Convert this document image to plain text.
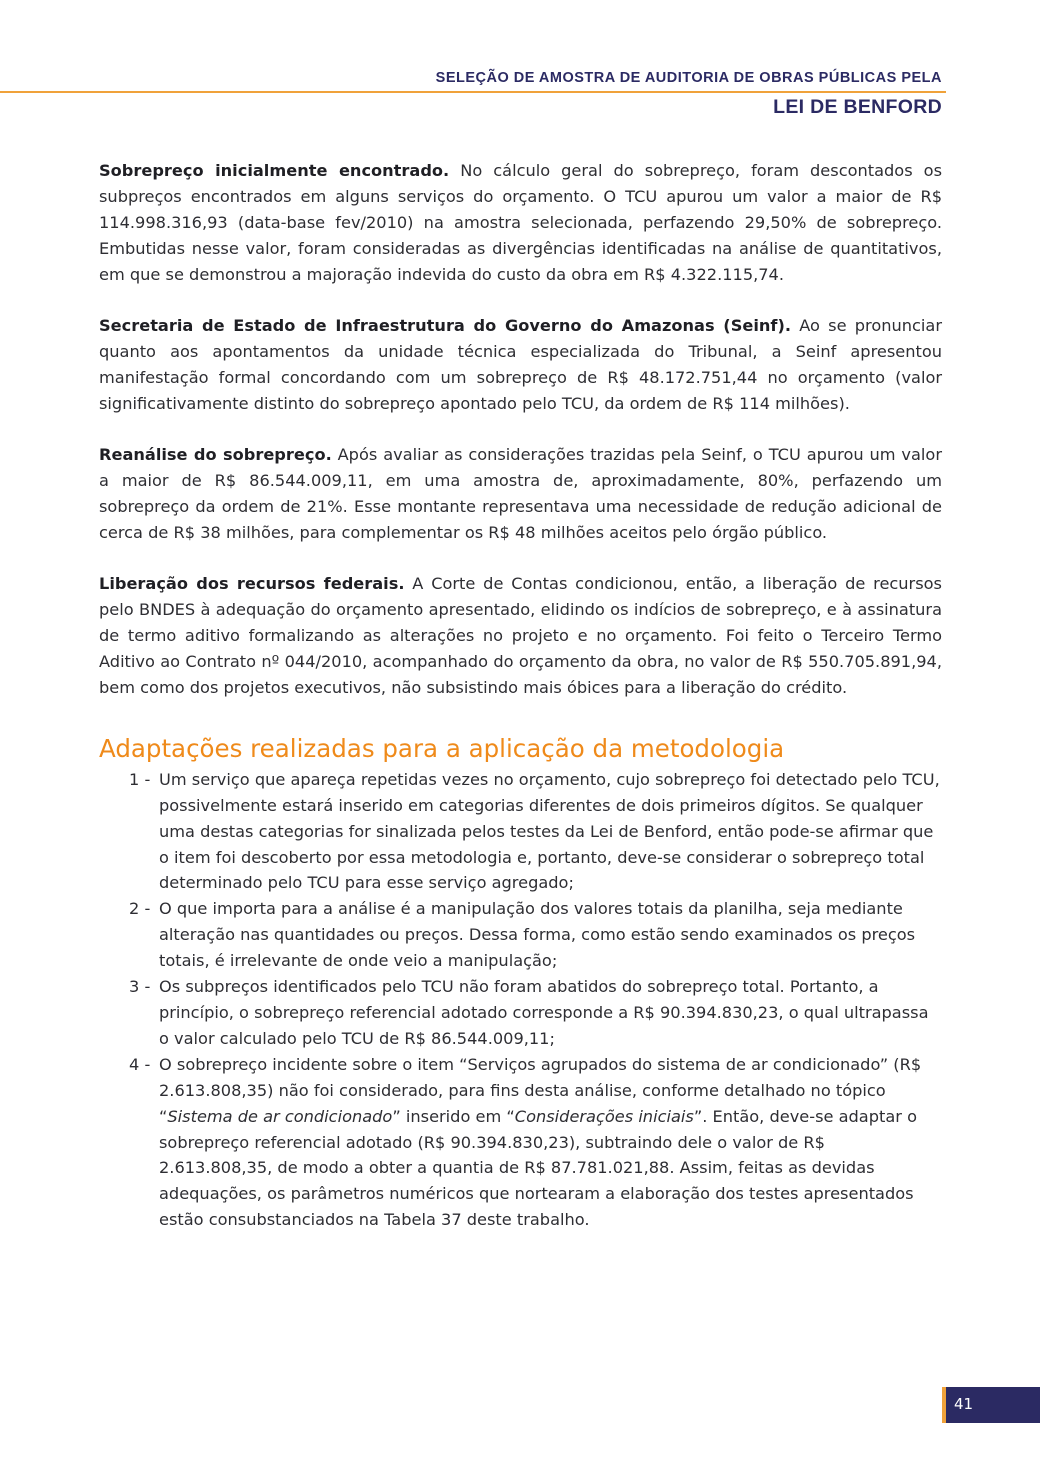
SELEÇÃO DE AMOSTRA DE AUDITORIA DE OBRAS PÚBLICAS PELA
LEI DE BENFORD

Sobrepreço inicialmente encontrado. No cálculo geral do sobrepreço, foram descontados os subpreços encontrados em alguns serviços do orçamento. O TCU apurou um valor a maior de R$ 114.998.316,93 (data-base fev/2010) na amostra selecionada, perfazendo 29,50% de sobrepreço. Embutidas nesse valor, foram consideradas as divergências identificadas na análise de quantitativos, em que se demonstrou a majoração indevida do custo da obra em R$ 4.322.115,74.

Secretaria de Estado de Infraestrutura do Governo do Amazonas (Seinf). Ao se pronunciar quanto aos apontamentos da unidade técnica especializada do Tribunal, a Seinf apresentou manifestação formal concordando com um sobrepreço de R$ 48.172.751,44 no orçamento (valor significativamente distinto do sobrepreço apontado pelo TCU, da ordem de R$ 114 milhões).

Reanálise do sobrepreço. Após avaliar as considerações trazidas pela Seinf, o TCU apurou um valor a maior de R$ 86.544.009,11, em uma amostra de, aproximadamente, 80%, perfazendo um sobrepreço da ordem de 21%. Esse montante representava uma necessidade de redução adicional de cerca de R$ 38 milhões, para complementar os R$ 48 milhões aceitos pelo órgão público.

Liberação dos recursos federais. A Corte de Contas condicionou, então, a liberação de recursos pelo BNDES à adequação do orçamento apresentado, elidindo os indícios de sobrepreço, e à assinatura de termo aditivo formalizando as alterações no projeto e no orçamento. Foi feito o Terceiro Termo Aditivo ao Contrato nº 044/2010, acompanhado do orçamento da obra, no valor de R$ 550.705.891,94, bem como dos projetos executivos, não subsistindo mais óbices para a liberação do crédito.

Adaptações realizadas para a aplicação da metodologia
1 - Um serviço que apareça repetidas vezes no orçamento, cujo sobrepreço foi detectado pelo TCU, possivelmente estará inserido em categorias diferentes de dois primeiros dígitos. Se qualquer uma destas categorias for sinalizada pelos testes da Lei de Benford, então pode-se afirmar que o item foi descoberto por essa metodologia e, portanto, deve-se considerar o sobrepreço total determinado pelo TCU para esse serviço agregado;
2 - O que importa para a análise é a manipulação dos valores totais da planilha, seja mediante alteração nas quantidades ou preços. Dessa forma, como estão sendo examinados os preços totais, é irrelevante de onde veio a manipulação;
3 - Os subpreços identificados pelo TCU não foram abatidos do sobrepreço total. Portanto, a princípio, o sobrepreço referencial adotado corresponde a R$ 90.394.830,23, o qual ultrapassa o valor calculado pelo TCU de R$ 86.544.009,11;
4 - O sobrepreço incidente sobre o item “Serviços agrupados do sistema de ar condicionado” (R$ 2.613.808,35) não foi considerado, para fins desta análise, conforme detalhado no tópico “Sistema de ar condicionado” inserido em “Considerações iniciais”. Então, deve-se adaptar o sobrepreço referencial adotado (R$ 90.394.830,23), subtraindo dele o valor de R$ 2.613.808,35, de modo a obter a quantia de R$ 87.781.021,88. Assim, feitas as devidas adequações, os parâmetros numéricos que nortearam a elaboração dos testes apresentados estão consubstanciados na Tabela 37 deste trabalho.
41
